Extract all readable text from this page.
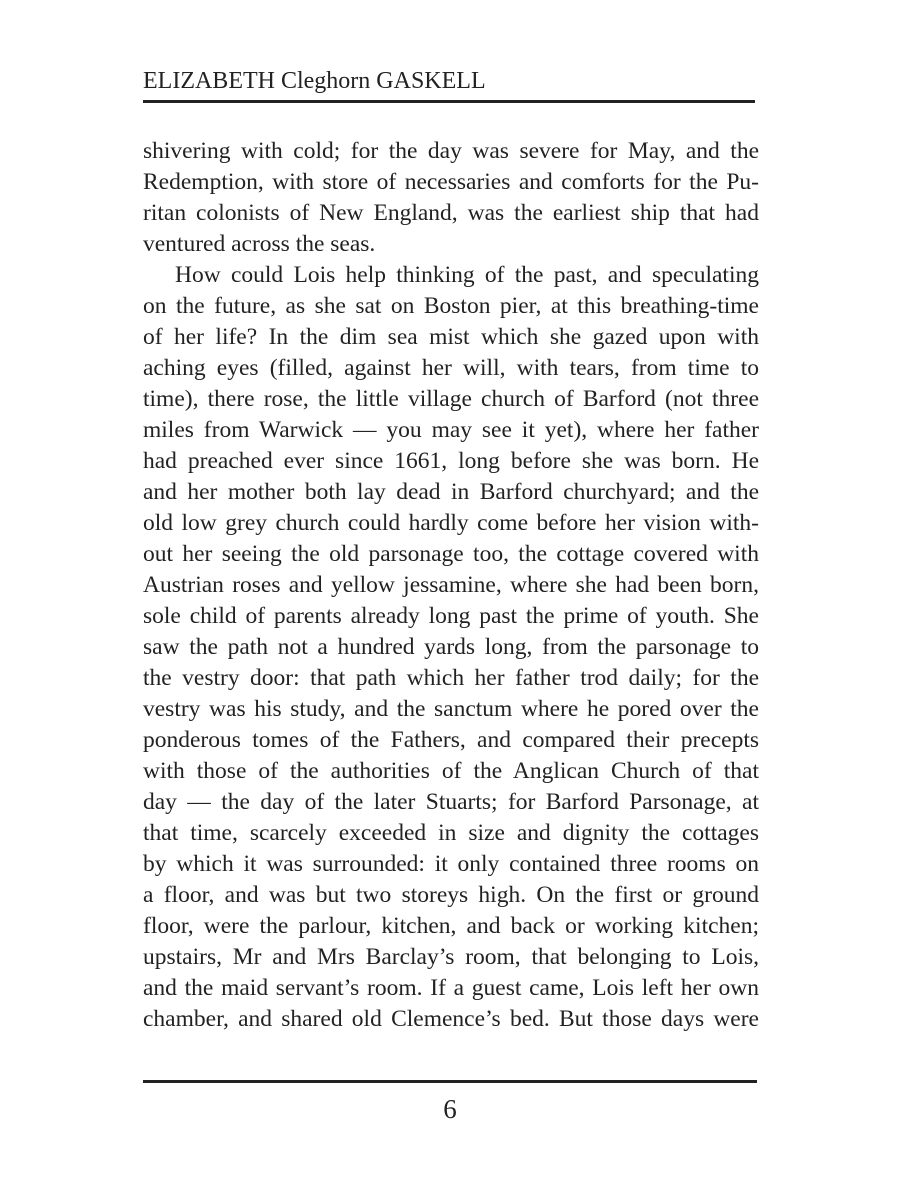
ELIZABETH Cleghorn GASKELL
shivering with cold; for the day was severe for May, and the
Redemption, with store of necessaries and comforts for the Pu-
ritan colonists of New England, was the earliest ship that had
ventured across the seas.
How could Lois help thinking of the past, and speculating
on the future, as she sat on Boston pier, at this breathing-time
of her life? In the dim sea mist which she gazed upon with
aching eyes (filled, against her will, with tears, from time to
time), there rose, the little village church of Barford (not three
miles from Warwick — you may see it yet), where her father
had preached ever since 1661, long before she was born. He
and her mother both lay dead in Barford churchyard; and the
old low grey church could hardly come before her vision with-
out her seeing the old parsonage too, the cottage covered with
Austrian roses and yellow jessamine, where she had been born,
sole child of parents already long past the prime of youth. She
saw the path not a hundred yards long, from the parsonage to
the vestry door: that path which her father trod daily; for the
vestry was his study, and the sanctum where he pored over the
ponderous tomes of the Fathers, and compared their precepts
with those of the authorities of the Anglican Church of that
day — the day of the later Stuarts; for Barford Parsonage, at
that time, scarcely exceeded in size and dignity the cottages
by which it was surrounded: it only contained three rooms on
a floor, and was but two storeys high. On the first or ground
floor, were the parlour, kitchen, and back or working kitchen;
upstairs, Mr and Mrs Barclay’s room, that belonging to Lois,
and the maid servant’s room. If a guest came, Lois left her own
chamber, and shared old Clemence’s bed. But those days were
6
